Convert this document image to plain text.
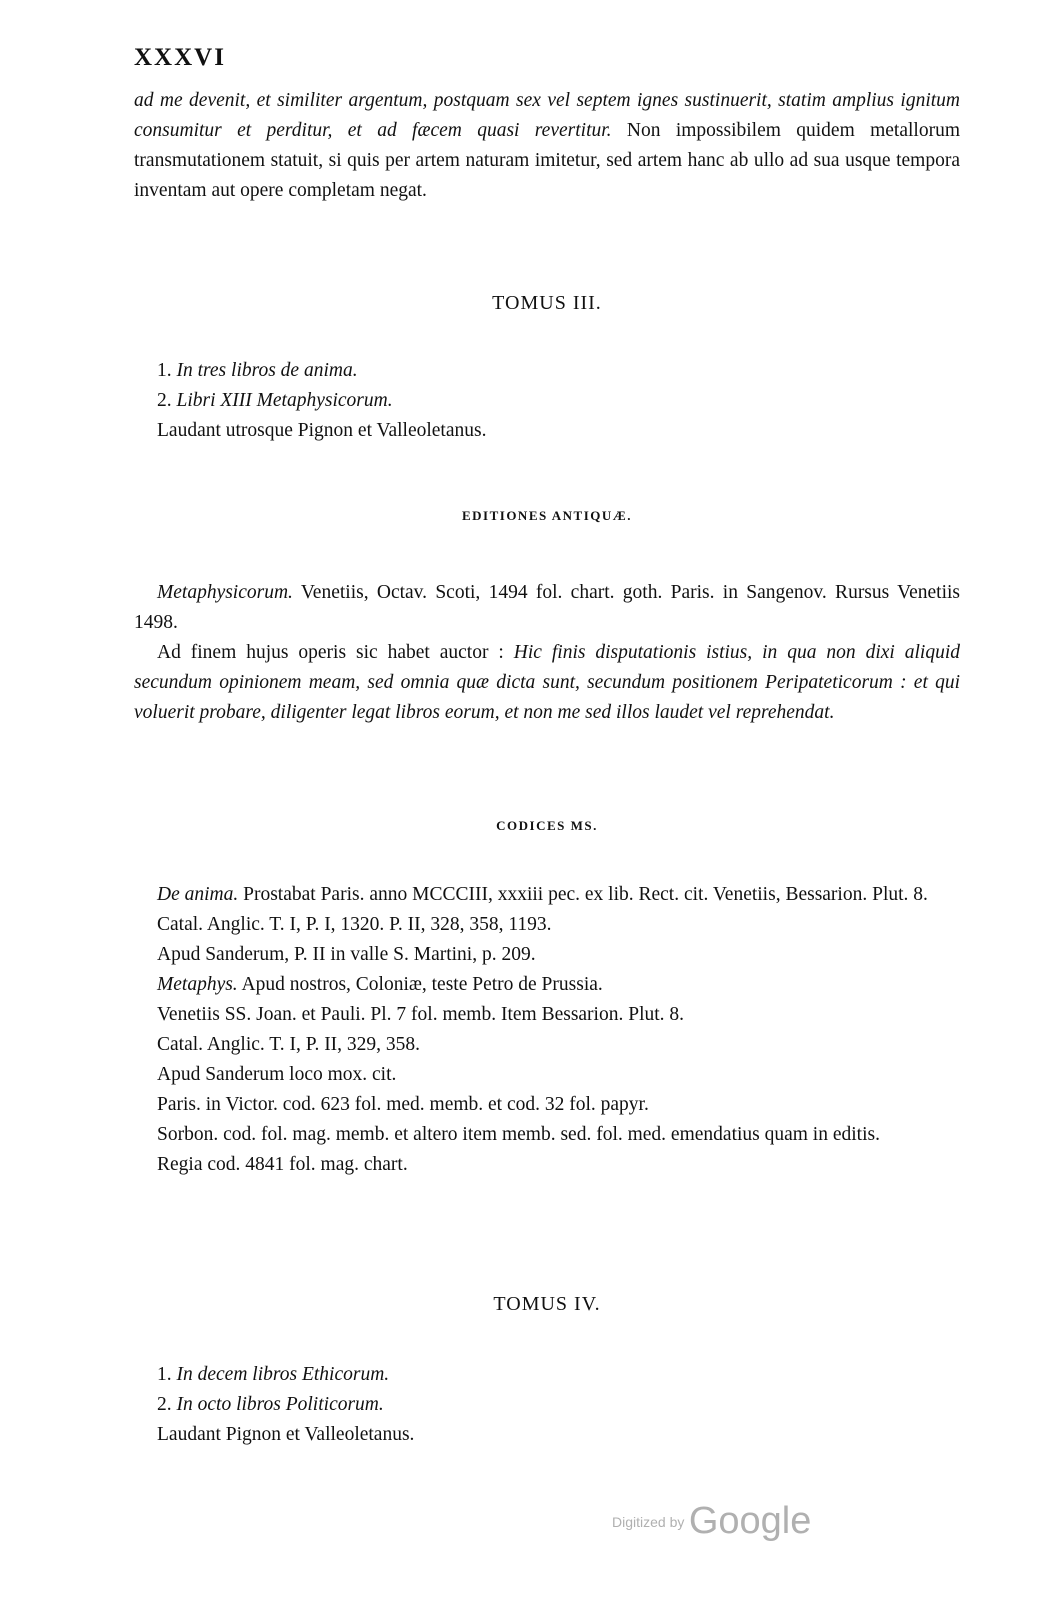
XXXVI

ad me devenit, et similiter argentum, postquam sex vel septem ignes sustinuerit, statim amplius ignitum consumitur et perditur, et ad fæcem quasi revertitur. Non impossibilem quidem metallorum transmutationem statuit, si quis per artem naturam imitetur, sed artem hanc ab ullo ad sua usque tempora inventam aut opere completam negat.

TOMUS III.

1. In tres libros de anima.

2. Libri XIII Metaphysicorum.

Laudant utrosque Pignon et Valleoletanus.

EDITIONES ANTIQUÆ.

Metaphysicorum. Venetiis, Octav. Scoti, 1494 fol. chart. goth. Paris. in Sangenov. Rursus Venetiis 1498.

Ad finem hujus operis sic habet auctor : Hic finis disputationis istius, in qua non dixi aliquid secundum opinionem meam, sed omnia quæ dicta sunt, secundum positionem Peripateticorum : et qui voluerit probare, diligenter legat libros eorum, et non me sed illos laudet vel reprehendat.

CODICES MS.

De anima. Prostabat Paris. anno MCCCIII, xxxiii pec. ex lib. Rect. cit. Venetiis, Bessarion. Plut. 8.

Catal. Anglic. T. I, P. I, 1320. P. II, 328, 358, 1193.

Apud Sanderum, P. II in valle S. Martini, p. 209.

Metaphys. Apud nostros, Coloniæ, teste Petro de Prussia.

Venetiis SS. Joan. et Pauli. Pl. 7 fol. memb. Item Bessarion. Plut. 8.

Catal. Anglic. T. I, P. II, 329, 358.

Apud Sanderum loco mox. cit.

Paris. in Victor. cod. 623 fol. med. memb. et cod. 32 fol. papyr.

Sorbon. cod. fol. mag. memb. et altero item memb. sed. fol. med. emendatius quam in editis.

Regia cod. 4841 fol. mag. chart.

TOMUS IV.

1. In decem libros Ethicorum.

2. In octo libros Politicorum.

Laudant Pignon et Valleoletanus.

Digitized by Google
